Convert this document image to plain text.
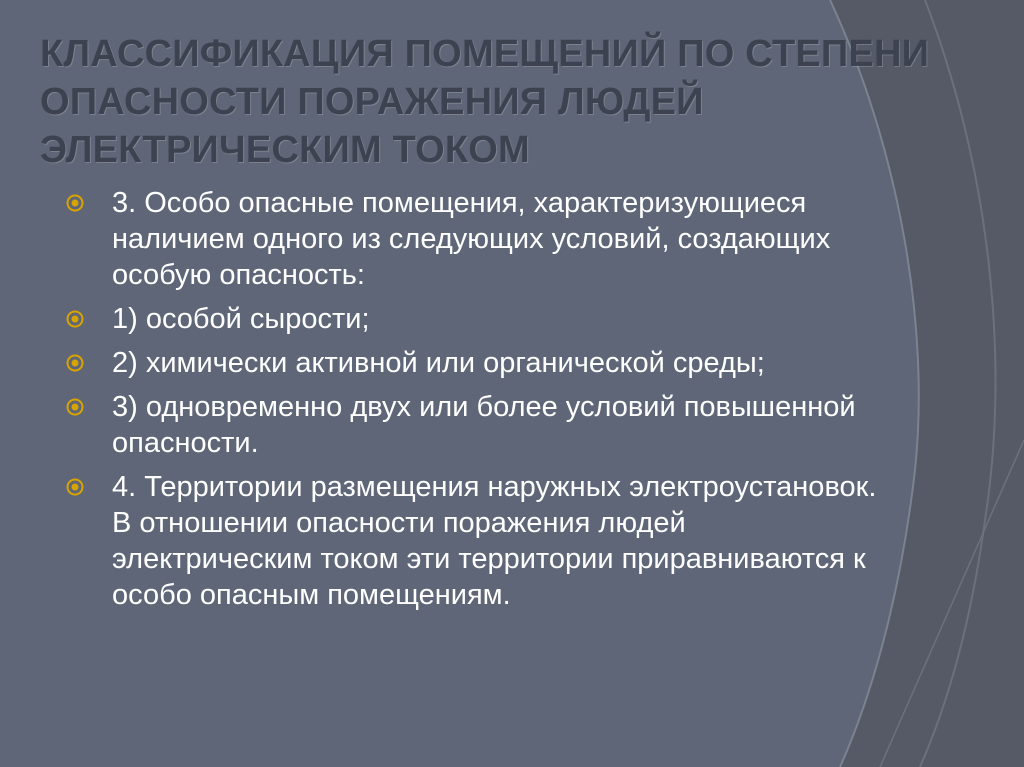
КЛАССИФИКАЦИЯ ПОМЕЩЕНИЙ ПО СТЕПЕНИ ОПАСНОСТИ ПОРАЖЕНИЯ ЛЮДЕЙ ЭЛЕКТРИЧЕСКИМ ТОКОМ
3. Особо опасные помещения, характеризующиеся наличием одного из следующих условий, создающих особую опасность:
1) особой сырости;
2) химически активной или органической среды;
3) одновременно двух или более условий повышенной опасности.
4. Территории размещения наружных электроустановок. В отношении опасности поражения людей электрическим током эти территории приравниваются к особо опасным помещениям.
